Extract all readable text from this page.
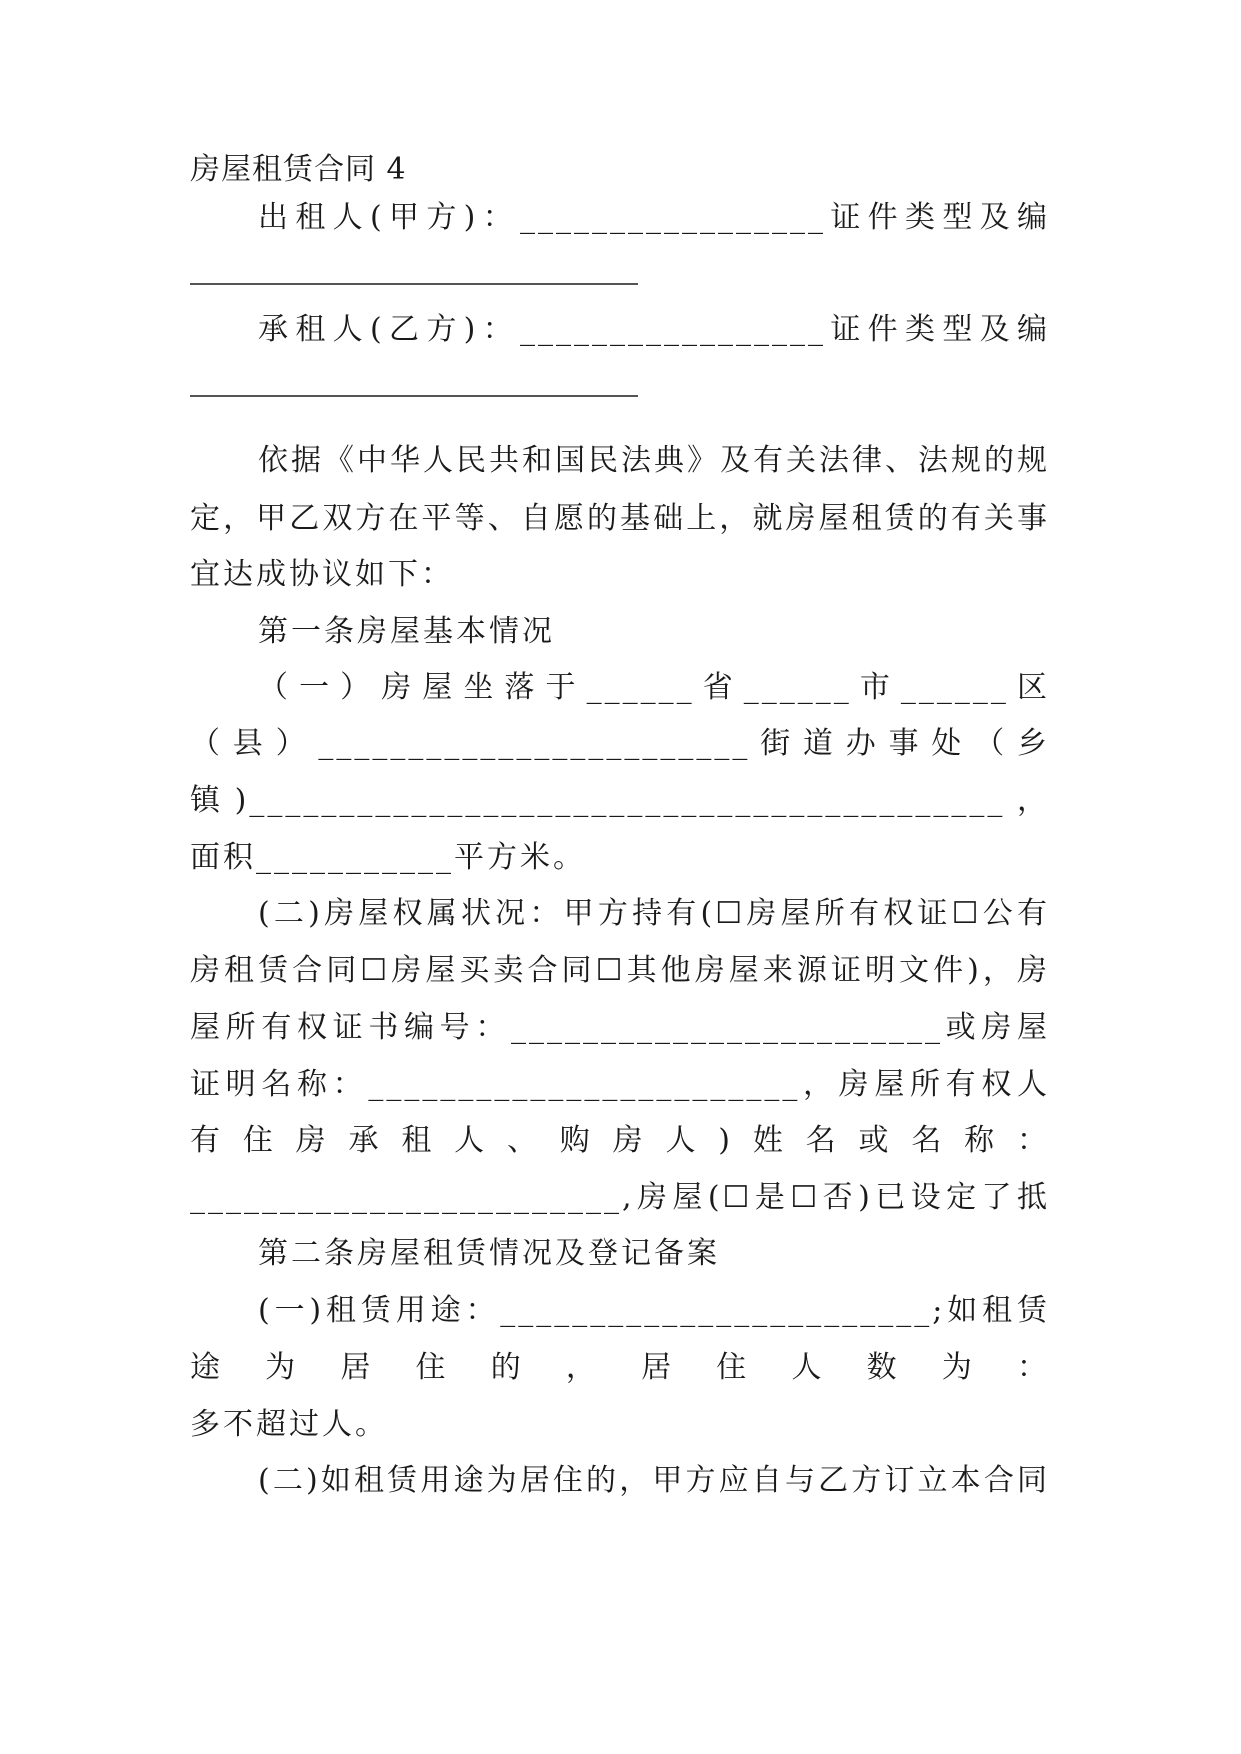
房屋租赁合同 4
出租人(甲方)：_________________证件类型及编
承租人(乙方)：_________________证件类型及编
依据《中华人民共和国民法典》及有关法律、法规的规
定，甲乙双方在平等、自愿的基础上，就房屋租赁的有关事
宜达成协议如下：
第一条房屋基本情况
（一）房屋坐落于______省______市______区
（县）________________________街道办事处（乡
镇)__________________________________________，
面积___________平方米。
(二)房屋权属状况：甲方持有(☐房屋所有权证☐公有
房租赁合同☐房屋买卖合同☐其他房屋来源证明文件)，房
屋所有权证书编号：________________________或房屋
证明名称：________________________，房屋所有权人
有住房承租人、购房人)姓名或名称：
________________________,房屋(☐是☐否)已设定了抵
第二条房屋租赁情况及登记备案
(一)租赁用途：________________________;如租赁
途为居住的，居住人数为：
多不超过人。
(二)如租赁用途为居住的，甲方应自与乙方订立本合同
